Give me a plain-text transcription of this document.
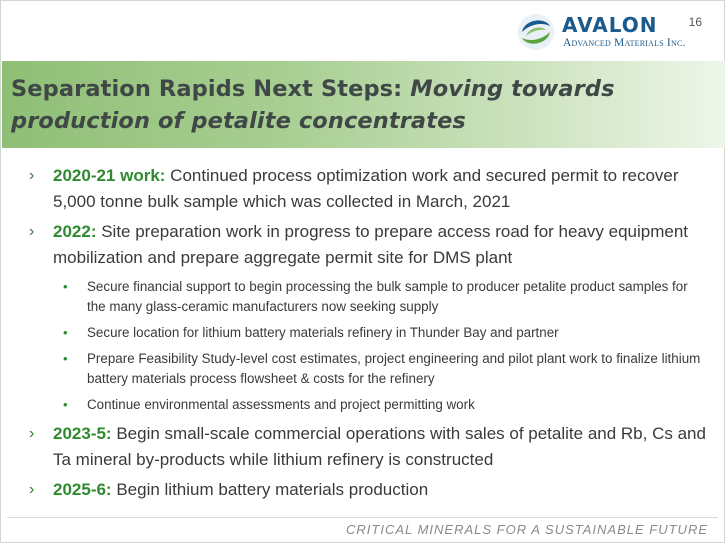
16
AVALON
Advanced Materials Inc.
Separation Rapids Next Steps: Moving towards production of petalite concentrates
› 2020-21 work: Continued process optimization work and secured permit to recover 5,000 tonne bulk sample which was collected in March, 2021
› 2022: Site preparation work in progress to prepare access road for heavy equipment mobilization and prepare aggregate permit site for DMS plant
• Secure financial support to begin processing the bulk sample to producer petalite product samples for the many glass-ceramic manufacturers now seeking supply
• Secure location for lithium battery materials refinery in Thunder Bay and partner
• Prepare Feasibility Study-level cost estimates, project engineering and pilot plant work to finalize lithium battery materials process flowsheet & costs for the refinery
• Continue environmental assessments and project permitting work
› 2023-5: Begin small-scale commercial operations with sales of petalite and Rb, Cs and Ta mineral by-products while lithium refinery is constructed
› 2025-6: Begin lithium battery materials production
CRITICAL MINERALS FOR A SUSTAINABLE FUTURE
